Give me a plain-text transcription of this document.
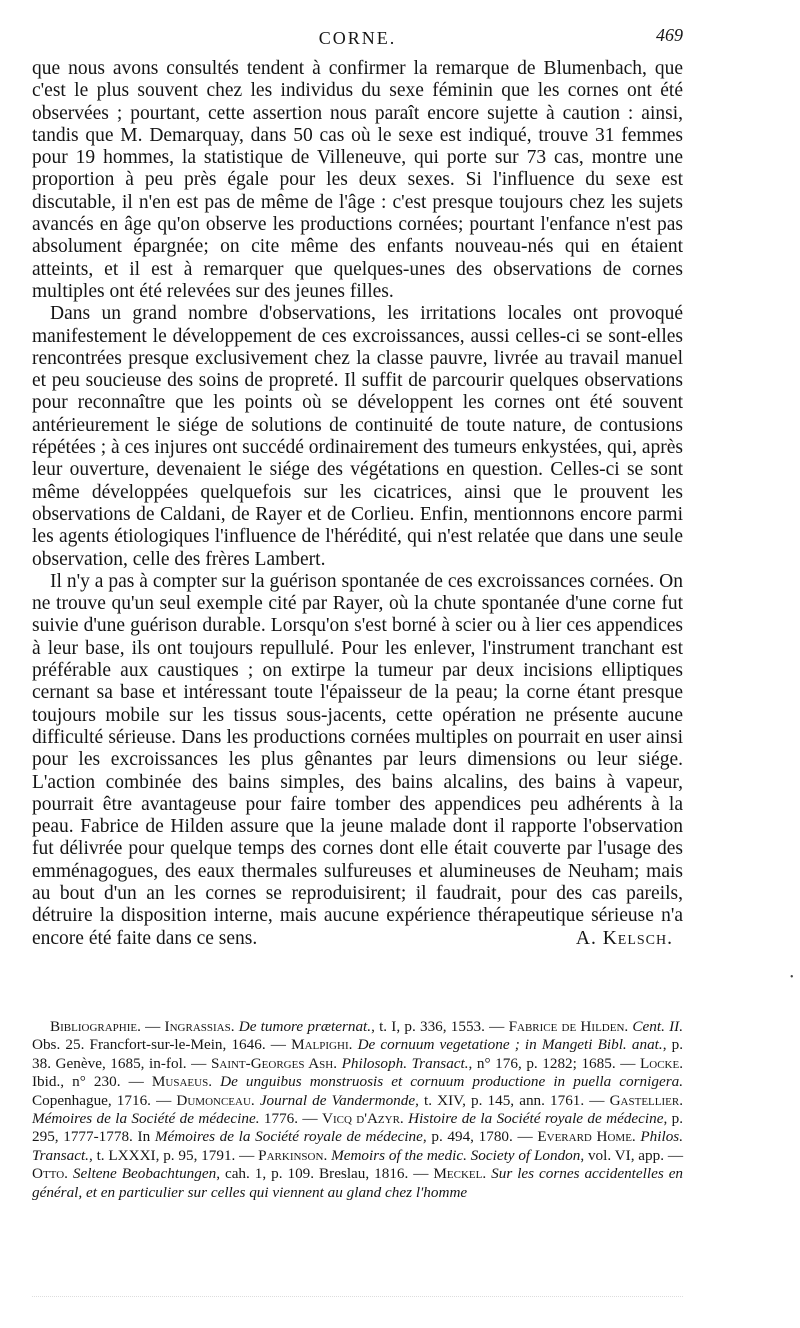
CORNE.	469

que nous avons consultés tendent à confirmer la remarque de Blumenbach, que c'est le plus souvent chez les individus du sexe féminin que les cornes ont été observées ; pourtant, cette assertion nous paraît encore sujette à caution : ainsi, tandis que M. Demarquay, dans 50 cas où le sexe est indiqué, trouve 31 femmes pour 19 hommes, la statistique de Villeneuve, qui porte sur 73 cas, montre une proportion à peu près égale pour les deux sexes. Si l'influence du sexe est discutable, il n'en est pas de même de l'âge : c'est presque toujours chez les sujets avancés en âge qu'on observe les productions cornées; pourtant l'enfance n'est pas absolument épargnée; on cite même des enfants nouveau-nés qui en étaient atteints, et il est à remarquer que quelques-unes des observations de cornes multiples ont été relevées sur des jeunes filles.

Dans un grand nombre d'observations, les irritations locales ont provoqué manifestement le développement de ces excroissances, aussi celles-ci se sont-elles rencontrées presque exclusivement chez la classe pauvre, livrée au travail manuel et peu soucieuse des soins de propreté. Il suffit de parcourir quelques observations pour reconnaître que les points où se développent les cornes ont été souvent antérieurement le siége de solutions de continuité de toute nature, de contusions répétées ; à ces injures ont succédé ordinairement des tumeurs enkystées, qui, après leur ouverture, devenaient le siége des végétations en question. Celles-ci se sont même développées quelquefois sur les cicatrices, ainsi que le prouvent les observations de Caldani, de Rayer et de Corlieu. Enfin, mentionnons encore parmi les agents étiologiques l'influence de l'hérédité, qui n'est relatée que dans une seule observation, celle des frères Lambert.

Il n'y a pas à compter sur la guérison spontanée de ces excroissances cornées. On ne trouve qu'un seul exemple cité par Rayer, où la chute spontanée d'une corne fut suivie d'une guérison durable. Lorsqu'on s'est borné à scier ou à lier ces appendices à leur base, ils ont toujours repullulé. Pour les enlever, l'instrument tranchant est préférable aux caustiques ; on extirpe la tumeur par deux incisions elliptiques cernant sa base et intéressant toute l'épaisseur de la peau; la corne étant presque toujours mobile sur les tissus sous-jacents, cette opération ne présente aucune difficulté sérieuse. Dans les productions cornées multiples on pourrait en user ainsi pour les excroissances les plus gênantes par leurs dimensions ou leur siége. L'action combinée des bains simples, des bains alcalins, des bains à vapeur, pourrait être avantageuse pour faire tomber des appendices peu adhérents à la peau. Fabrice de Hilden assure que la jeune malade dont il rapporte l'observation fut délivrée pour quelque temps des cornes dont elle était couverte par l'usage des emménagogues, des eaux thermales sulfureuses et alumineuses de Neuham; mais au bout d'un an les cornes se reproduisirent; il faudrait, pour des cas pareils, détruire la disposition interne, mais aucune expérience thérapeutique sérieuse n'a encore été faite dans ce sens.	A. Kelsch.

Bibliographie. — Ingrassias. De tumore præternat., t. I, p. 336, 1553. — Fabrice de Hilden. Cent. II. Obs. 25. Francfort-sur-le-Mein, 1646. — Malpighi. De cornuum vegetatione ; in Mangeti Bibl. anat., p. 38. Genève, 1685, in-fol. — Saint-Georges Ash. Philosoph. Transact., n° 176, p. 1282; 1685. — Locke. Ibid., n° 230. — Musaeus. De unguibus monstruosis et cornuum productione in puella cornigera. Copenhague, 1716. — Dumonceau. Journal de Vandermonde, t. XIV, p. 145, ann. 1761. — Gastellier. Mémoires de la Société de médecine. 1776. — Vicq d'Azyr. Histoire de la Société royale de médecine, p. 295, 1777-1778. In Mémoires de la Société royale de médecine, p. 494, 1780. — Everard Home. Philos. Transact., t. LXXXI, p. 95, 1791. — Parkinson. Memoirs of the medic. Society of London, vol. VI, app. — Otto. Seltene Beobachtungen, cah. 1, p. 109. Breslau, 1816. — Meckel. Sur les cornes accidentelles en général, et en particulier sur celles qui viennent au gland chez l'homme
•
